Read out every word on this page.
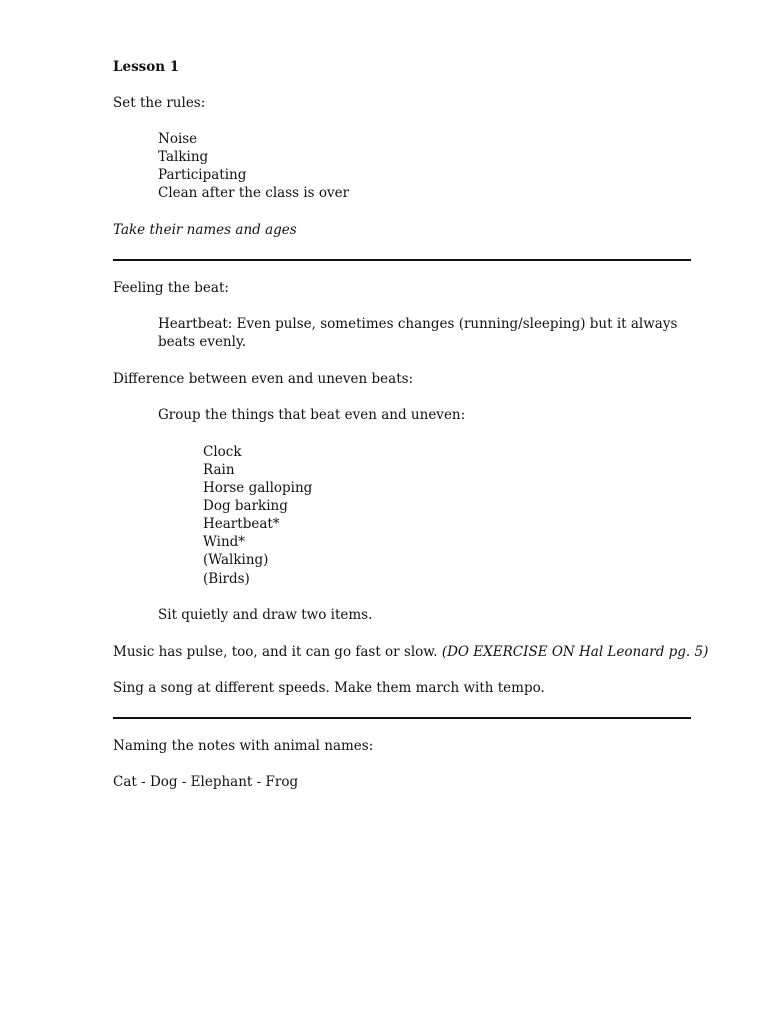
Lesson 1
Set the rules:
Noise
Talking
Participating
Clean after the class is over
Take their names and ages
Feeling the beat:
Heartbeat: Even pulse, sometimes changes (running/sleeping) but it always beats evenly.
Difference between even and uneven beats:
Group the things that beat even and uneven:
Clock
Rain
Horse galloping
Dog barking
Heartbeat*
Wind*
(Walking)
(Birds)
Sit quietly and draw two items.
Music has pulse, too, and it can go fast or slow. (DO EXERCISE ON Hal Leonard pg. 5)
Sing a song at different speeds. Make them march with tempo.
Naming the notes with animal names:
Cat - Dog - Elephant - Frog
